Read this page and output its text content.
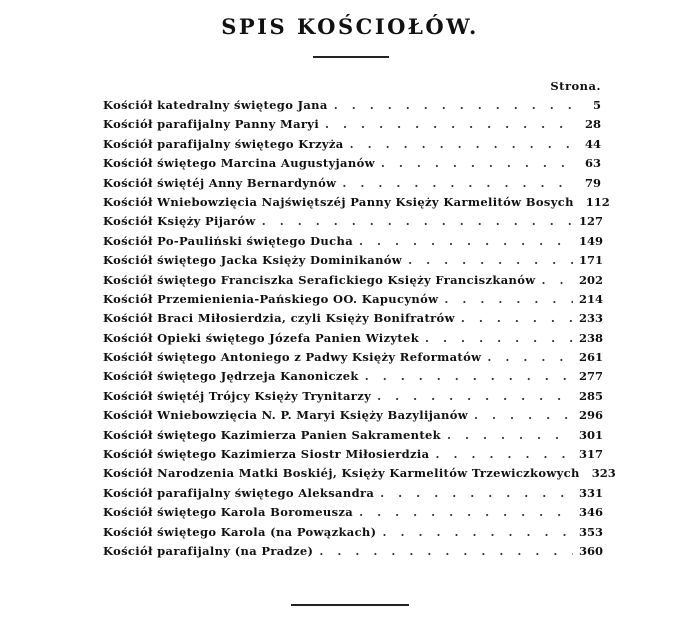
SPIS KOŚCIOŁÓW.
Strona.
Kościół katedralny świętego Jana . . .	5
Kościół parafijalny Panny Maryi . . .	28
Kościół parafijalny świętego Krzyża . . .	44
Kościół świętego Marcina Augustyjanów . . .	63
Kościół świętéj Anny Bernardynów . . .	79
Kościół Wniebowzięcia Najświętszéj Panny Księży Karmelitów Bosych 112
Kościół Księży Pijarów . . .	127
Kościół Po-Pauliński świętego Ducha . . .	149
Kościół świętego Jacka Księży Dominikanów . . .	171
Kościół świętego Franciszka Serafickiego Księży Franciszkanów . . .	202
Kościół Przemienienia-Pańskiego OO. Kapucynów . . .	214
Kościół Braci Miłosierdzia, czyli Księży Bonifratrów . . .	233
Kościół Opieki świętego Józefa Panien Wizytek . . .	238
Kościół świętego Antoniego z Padwy Księży Reformatów . . .	261
Kościół świętego Jędrzeja Kanoniczek . . .	277
Kościół świętéj Trójcy Księży Trynitarzy . . .	285
Kościół Wniebowzięcia N. P. Maryi Księży Bazylijanów . . .	296
Kościół świętego Kazimierza Panien Sakramentek . . .	301
Kościół świętego Kazimierza Siostr Miłosierdzia . . .	317
Kościół Narodzenia Matki Boskiéj, Księży Karmelitów Trzewiczkowych 323
Kościół parafijalny świętego Aleksandra . . .	331
Kościół świętego Karola Boromeusza . . .	346
Kościół świętego Karola (na Powązkach) . . .	353
Kościół parafijalny (na Pradze) . . .	360
